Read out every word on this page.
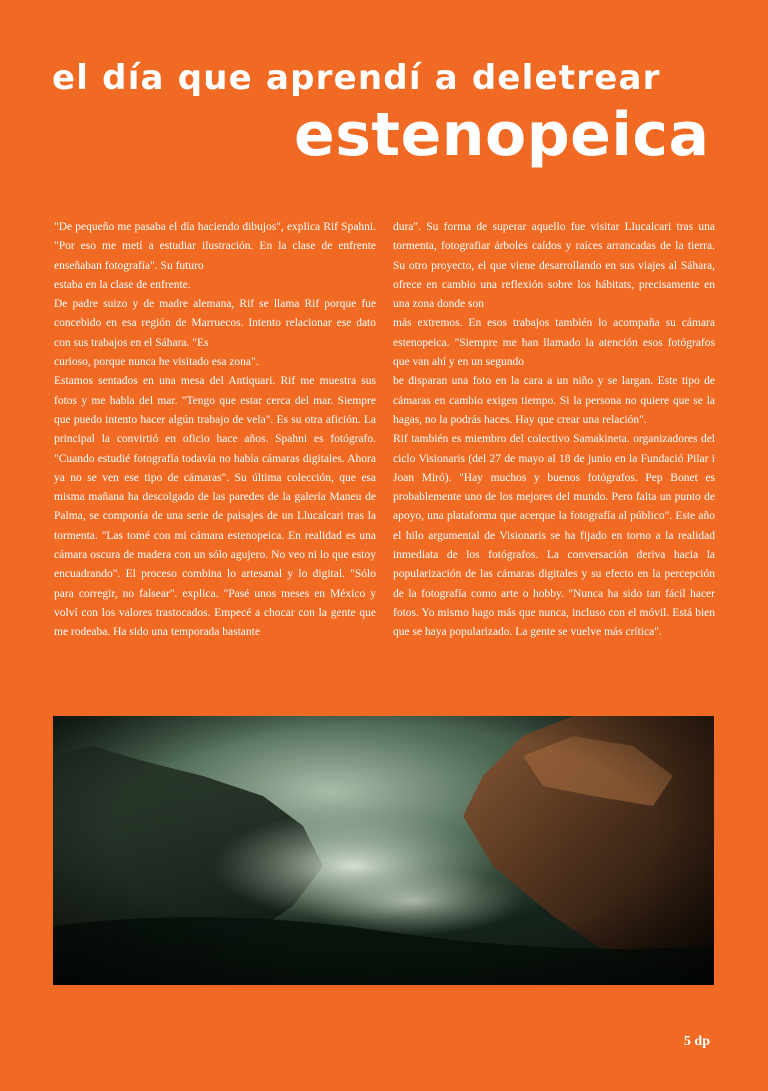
el día que aprendí a deletrear
estenopeica

"De pequeño me pasaba el día haciendo dibujos", explica Rif Spahni. "Por eso me metí a estudiar ilustración. En la clase de enfrente enseñaban fotografía". Su futuro

estaba en la clase de enfrente.

De padre suizo y de madre alemana, Rif se llama Rif porque fue concebido en esa región de Marruecos. Intento relacionar ese dato con sus trabajos en el Sáhara. "Es

curioso, porque nunca he visitado esa zona".

Estamos sentados en una mesa del Antiquari. Rif me muestra sus fotos y me habla del mar. "Tengo que estar cerca del mar. Siempre que puedo intento hacer algún trabajo de vela". Es su otra afición. La principal la convirtió en oficio hace años. Spahni es fotógrafo. "Cuando estudié fotografía todavía no había cámaras digitales. Ahora ya no se ven ese tipo de cámaras". Su última colección, que esa misma mañana ha descolgado de las paredes de la galería Maneu de Palma, se componía de una serie de paisajes de un Llucalcari tras la tormenta. "Las tomé con mi cámara estenopeica. En realidad es una cámara oscura de madera con un sólo agujero. No veo ni lo que estoy encuadrando". El proceso combina lo artesanal y lo digital. "Sólo para corregir, no falsear". explica. "Pasé unos meses en México y volví con los valores trastocados. Empecé a chocar con la gente que me rodeaba. Ha sido una temporada bastante

dura". Su forma de superar aquello fue visitar Llucalcari tras una tormenta, fotografiar árboles caídos y raíces arrancadas de la tierra. Su otro proyecto, el que viene desarrollando en sus viajes al Sáhara, ofrece en cambio una reflexión sobre los hábitats, precisamente en una zona donde son

más extremos. En esos trabajos también lo acompaña su cámara estenopeica. "Siempre me han llamado la atención esos fotógrafos que van ahí y en un segundo

be disparan una foto en la cara a un niño y se largan. Este tipo de cámaras en cambio exigen tiempo. Si la persona no quiere que se la hagas, no la podrás haces. Hay que crear una relación".

Rif también es miembro del colectivo Samakineta. organizadores del ciclo Visionaris (del 27 de mayo al 18 de junio en la Fundació Pilar i Joan Miró). "Hay muchos y buenos fotógrafos. Pep Bonet es probablemente uno de los mejores del mundo. Pero falta un punto de apoyo, una plataforma que acerque la fotografía al público". Este año el hilo argumental de Visionaris se ha fijado en torno a la realidad inmediata de los fotógrafos. La conversación deriva hacia la popularización de las cámaras digitales y su efecto en la percepción de la fotografía como arte o hobby. "Nunca ha sido tan fácil hacer fotos. Yo mismo hago más que nunca, incluso con el móvil. Está bien que se haya popularizado. La gente se vuelve más crítica".

5 dp
